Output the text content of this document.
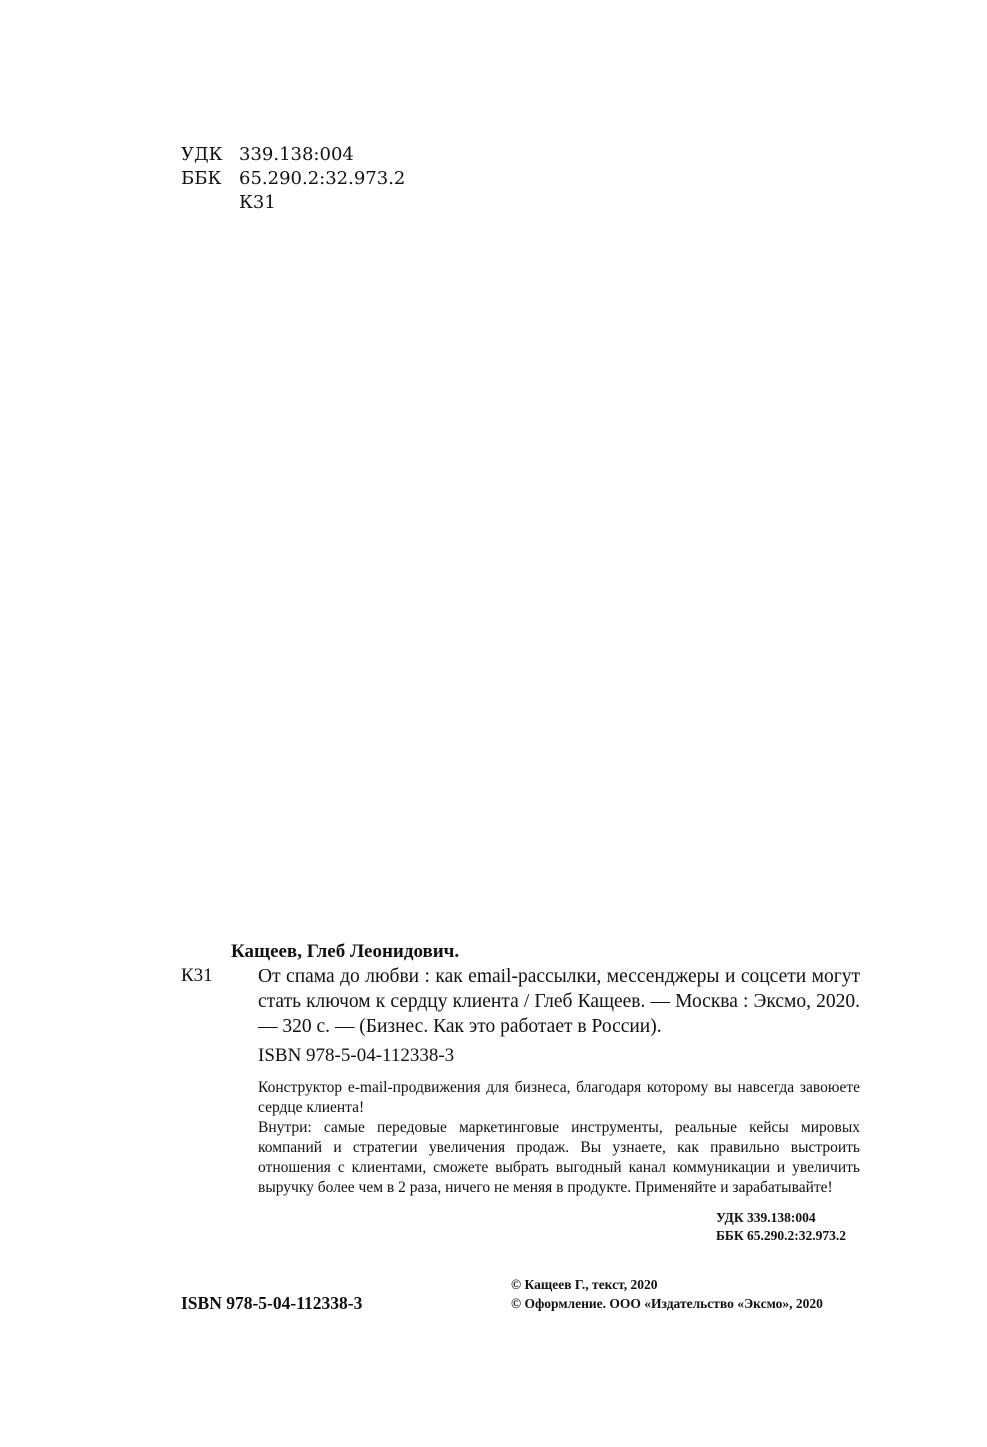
УДК 339.138:004
ББК 65.290.2:32.973.2
К31
Кащеев, Глеб Леонидович.
К31 От спама до любви : как email-рассылки, мессенджеры и соцсети могут стать ключом к сердцу клиента / Глеб Кащеев. — Москва : Эксмо, 2020. — 320 с. — (Бизнес. Как это работает в России).
ISBN 978-5-04-112338-3

Конструктор e-mail-продвижения для бизнеса, благодаря которому вы навсегда завоюете сердце клиента!

Внутри: самые передовые маркетинговые инструменты, реальные кейсы мировых компаний и стратегии увеличения продаж. Вы узнаете, как правильно выстроить отношения с клиентами, сможете выбрать выгодный канал коммуникации и увеличить выручку более чем в 2 раза, ничего не меняя в продукте. Применяйте и зарабатывайте!

УДК 339.138:004
ББК 65.290.2:32.973.2
ISBN 978-5-04-112338-3
© Кащеев Г., текст, 2020
© Оформление. ООО «Издательство «Эксмо», 2020
